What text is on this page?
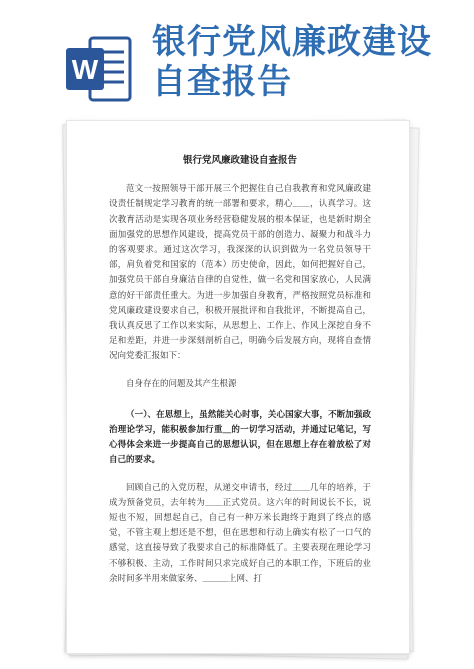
W
银行党风廉政建设自查报告
银行党风廉政建设自查报告

范文一按照领导干部开展三个把握住自己自我教育和党风廉政建设责任制规定学习教育的统一部署和要求，精心＿＿，认真学习。这次教育活动是实现各项业务经营稳健发展的根本保证，也是新时期全面加强党的思想作风建设，提高党员干部的创造力、凝聚力和战斗力的客观要求。通过这次学习，我深深的认识到做为一名党员领导干部，肩负着党和国家的（范本）历史使命，因此，如何把握好自己，加强党员干部自身廉洁自律的自觉性，做一名党和国家放心，人民满意的好干部责任重大。为进一步加强自身教育，严格按照党员标准和党风廉政建设要求自己，积极开展批评和自我批评，不断提高自己，我认真反思了工作以来实际，从思想上、工作上、作风上深挖自身不足和差距，并进一步深刻剖析自己，明确今后发展方向，现将自查情况向党委汇报如下：

自身存在的问题及其产生根源

（一）、在思想上，虽然能关心时事，关心国家大事，不断加强政治理论学习，能积极参加行重＿的一切学习活动，并通过记笔记，写心得体会来进一步提高自己的思想认识，但在思想上存在着放松了对自己的要求。

回顾自己的入党历程，从递交申请书，经过＿＿几年的培养，于成为预备党员，去年转为＿＿正式党员。这六年的时间说长不长，说短也不短，回想起自己，自己有一种万米长跑终于跑到了终点的感觉，不管主观上想还是不想，但在思想和行动上确实有松了一口气的感觉，这直接导致了我要求自己的标准降低了。主要表现在理论学习不够积极、主动，工作时间只求完成好自己的本职工作，下班后的业余时间多半用来做家务、＿＿＿上网、打
